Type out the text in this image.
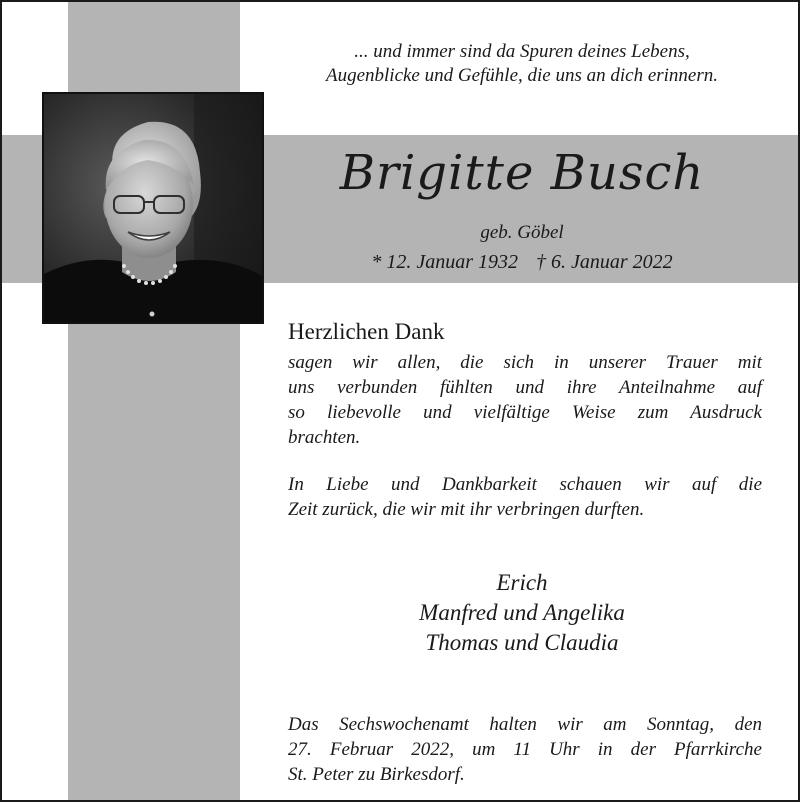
... und immer sind da Spuren deines Lebens,
Augenblicke und Gefühle, die uns an dich erinnern.
Brigitte Busch
geb. Göbel
* 12. Januar 1932 † 6. Januar 2022
Herzlichen Dank
sagen wir allen, die sich in unserer Trauer mit
uns verbunden fühlten und ihre Anteilnahme auf
so liebevolle und vielfältige Weise zum Ausdruck
brachten.
In Liebe und Dankbarkeit schauen wir auf die
Zeit zurück, die wir mit ihr verbringen durften.
Erich
Manfred und Angelika
Thomas und Claudia
Das Sechswochenamt halten wir am Sonntag, den
27. Februar 2022, um 11 Uhr in der Pfarrkirche
St. Peter zu Birkesdorf.
